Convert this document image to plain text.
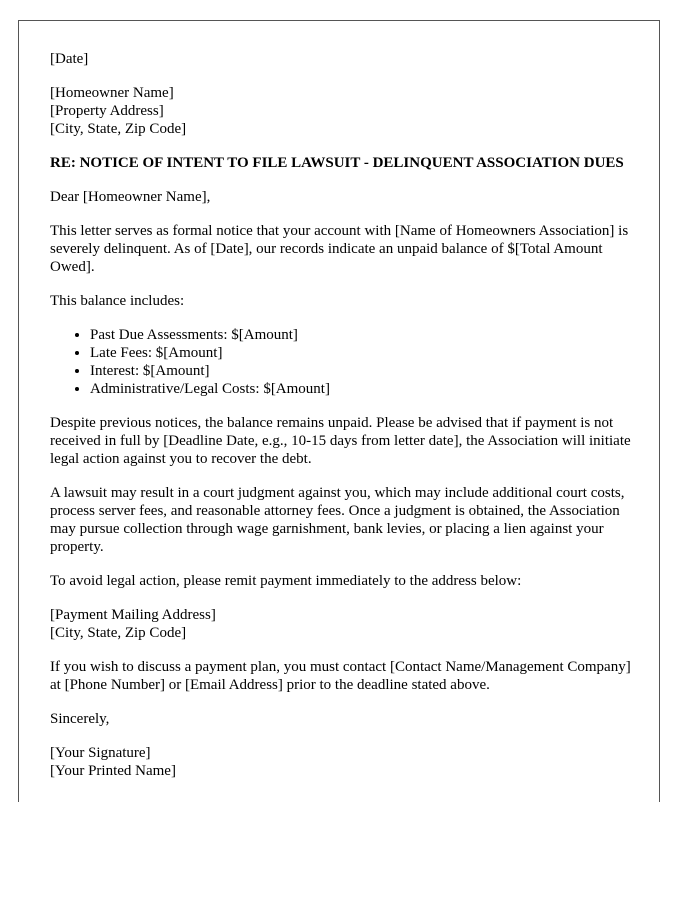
[Date]

[Homeowner Name]

[Property Address]

[City, State, Zip Code]

RE: NOTICE OF INTENT TO FILE LAWSUIT - DELINQUENT ASSOCIATION DUES

Dear [Homeowner Name],

This letter serves as formal notice that your account with [Name of Homeowners Association] is severely delinquent. As of [Date], our records indicate an unpaid balance of $[Total Amount Owed].

This balance includes:

• Past Due Assessments: $[Amount]
• Late Fees: $[Amount]
• Interest: $[Amount]
• Administrative/Legal Costs: $[Amount]

Despite previous notices, the balance remains unpaid. Please be advised that if payment is not received in full by [Deadline Date, e.g., 10-15 days from letter date], the Association will initiate legal action against you to recover the debt.

A lawsuit may result in a court judgment against you, which may include additional court costs, process server fees, and reasonable attorney fees. Once a judgment is obtained, the Association may pursue collection through wage garnishment, bank levies, or placing a lien against your property.

To avoid legal action, please remit payment immediately to the address below:

[Payment Mailing Address]

[City, State, Zip Code]

If you wish to discuss a payment plan, you must contact [Contact Name/Management Company] at [Phone Number] or [Email Address] prior to the deadline stated above.

Sincerely,

[Your Signature]

[Your Printed Name]
